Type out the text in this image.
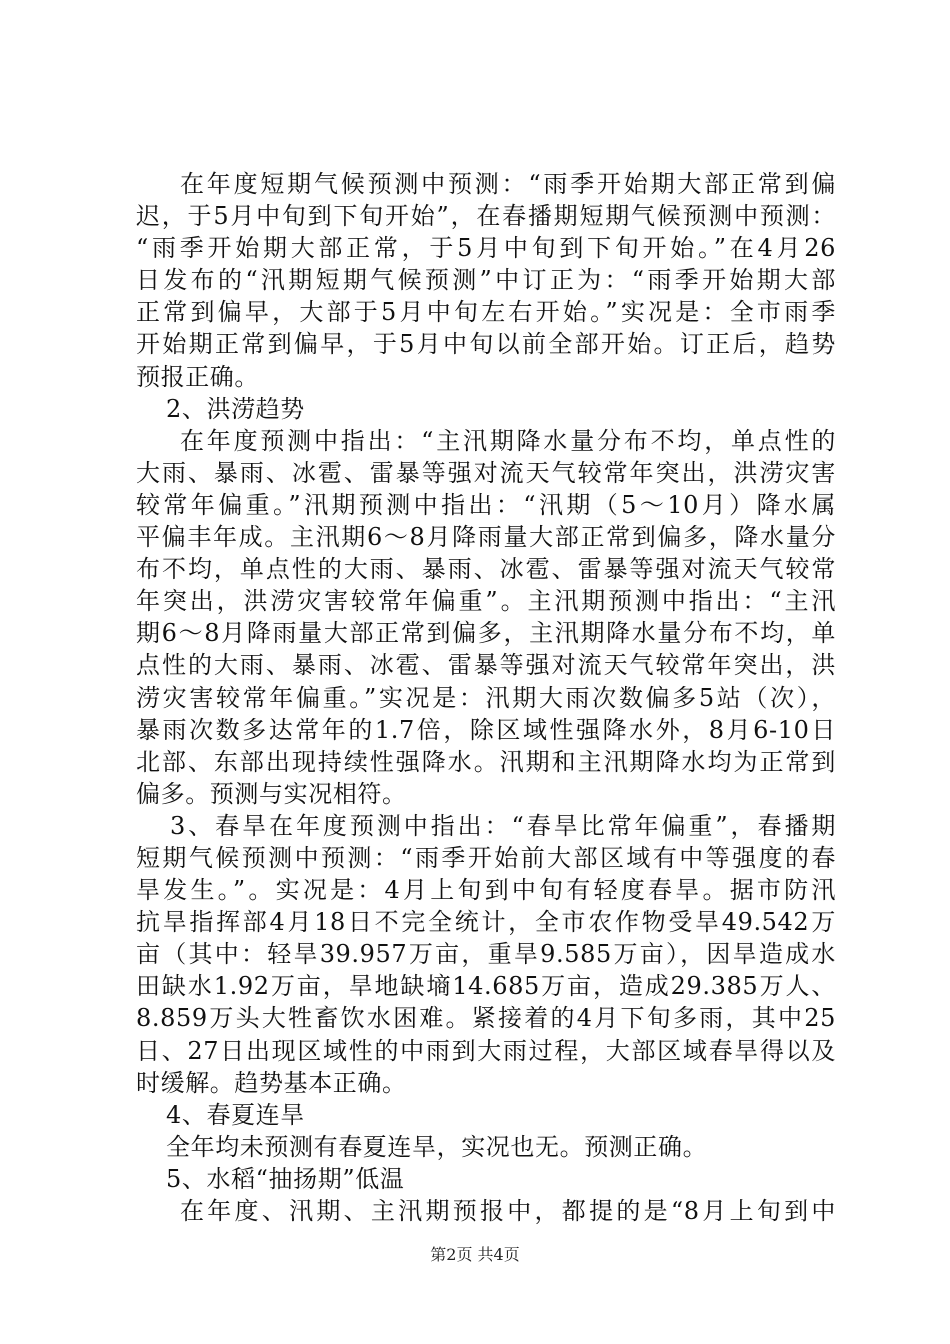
在年度短期气候预测中预测：“雨季开始期大部正常到偏
迟，于5月中旬到下旬开始”，在春播期短期气候预测中预测：
“雨季开始期大部正常，于5月中旬到下旬开始。”在4月26
日发布的“汛期短期气候预测”中订正为：“雨季开始期大部
正常到偏早，大部于5月中旬左右开始。”实况是：全市雨季
开始期正常到偏早，于5月中旬以前全部开始。订正后，趋势
预报正确。
2、洪涝趋势
在年度预测中指出：“主汛期降水量分布不均，单点性的
大雨、暴雨、冰雹、雷暴等强对流天气较常年突出，洪涝灾害
较常年偏重。”汛期预测中指出：“汛期（5～10月）降水属
平偏丰年成。主汛期6～8月降雨量大部正常到偏多，降水量分
布不均，单点性的大雨、暴雨、冰雹、雷暴等强对流天气较常
年突出，洪涝灾害较常年偏重”。主汛期预测中指出：“主汛
期6～8月降雨量大部正常到偏多，主汛期降水量分布不均，单
点性的大雨、暴雨、冰雹、雷暴等强对流天气较常年突出，洪
涝灾害较常年偏重。”实况是：汛期大雨次数偏多5站（次），
暴雨次数多达常年的1.7倍，除区域性强降水外，8月6-10日
北部、东部出现持续性强降水。汛期和主汛期降水均为正常到
偏多。预测与实况相符。
3、春旱在年度预测中指出：“春旱比常年偏重”，春播期
短期气候预测中预测：“雨季开始前大部区域有中等强度的春
旱发生。”。实况是：4月上旬到中旬有轻度春旱。据市防汛
抗旱指挥部4月18日不完全统计，全市农作物受旱49.542万
亩（其中：轻旱39.957万亩，重旱9.585万亩），因旱造成水
田缺水1.92万亩，旱地缺墒14.685万亩，造成29.385万人、
8.859万头大牲畜饮水困难。紧接着的4月下旬多雨，其中25
日、27日出现区域性的中雨到大雨过程，大部区域春旱得以及
时缓解。趋势基本正确。
4、春夏连旱
全年均未预测有春夏连旱，实况也无。预测正确。
5、水稻“抽扬期”低温
在年度、汛期、主汛期预报中，都提的是“8月上旬到中
第2页 共4页
